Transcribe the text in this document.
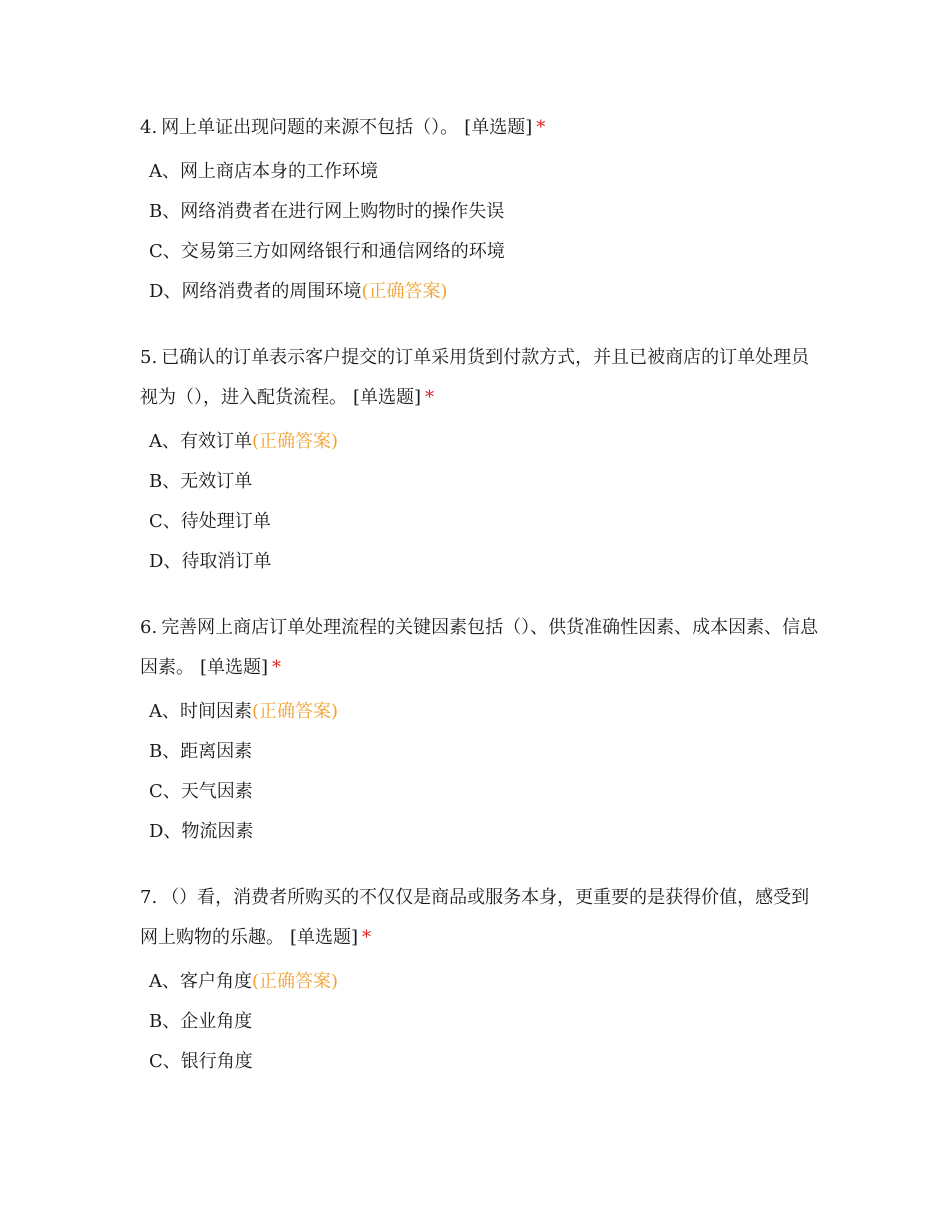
4. 网上单证出现问题的来源不包括（）。 [单选题] *

A、网上商店本身的工作环境
B、网络消费者在进行网上购物时的操作失误
C、交易第三方如网络银行和通信网络的环境
D、网络消费者的周围环境(正确答案)

5. 已确认的订单表示客户提交的订单采用货到付款方式，并且已被商店的订单处理员视为（），进入配货流程。 [单选题] *

A、有效订单(正确答案)
B、无效订单
C、待处理订单
D、待取消订单

6. 完善网上商店订单处理流程的关键因素包括（）、供货准确性因素、成本因素、信息因素。 [单选题] *

A、时间因素(正确答案)
B、距离因素
C、天气因素
D、物流因素

7. （）看，消费者所购买的不仅仅是商品或服务本身，更重要的是获得价值，感受到网上购物的乐趣。 [单选题] *

A、客户角度(正确答案)
B、企业角度
C、银行角度
